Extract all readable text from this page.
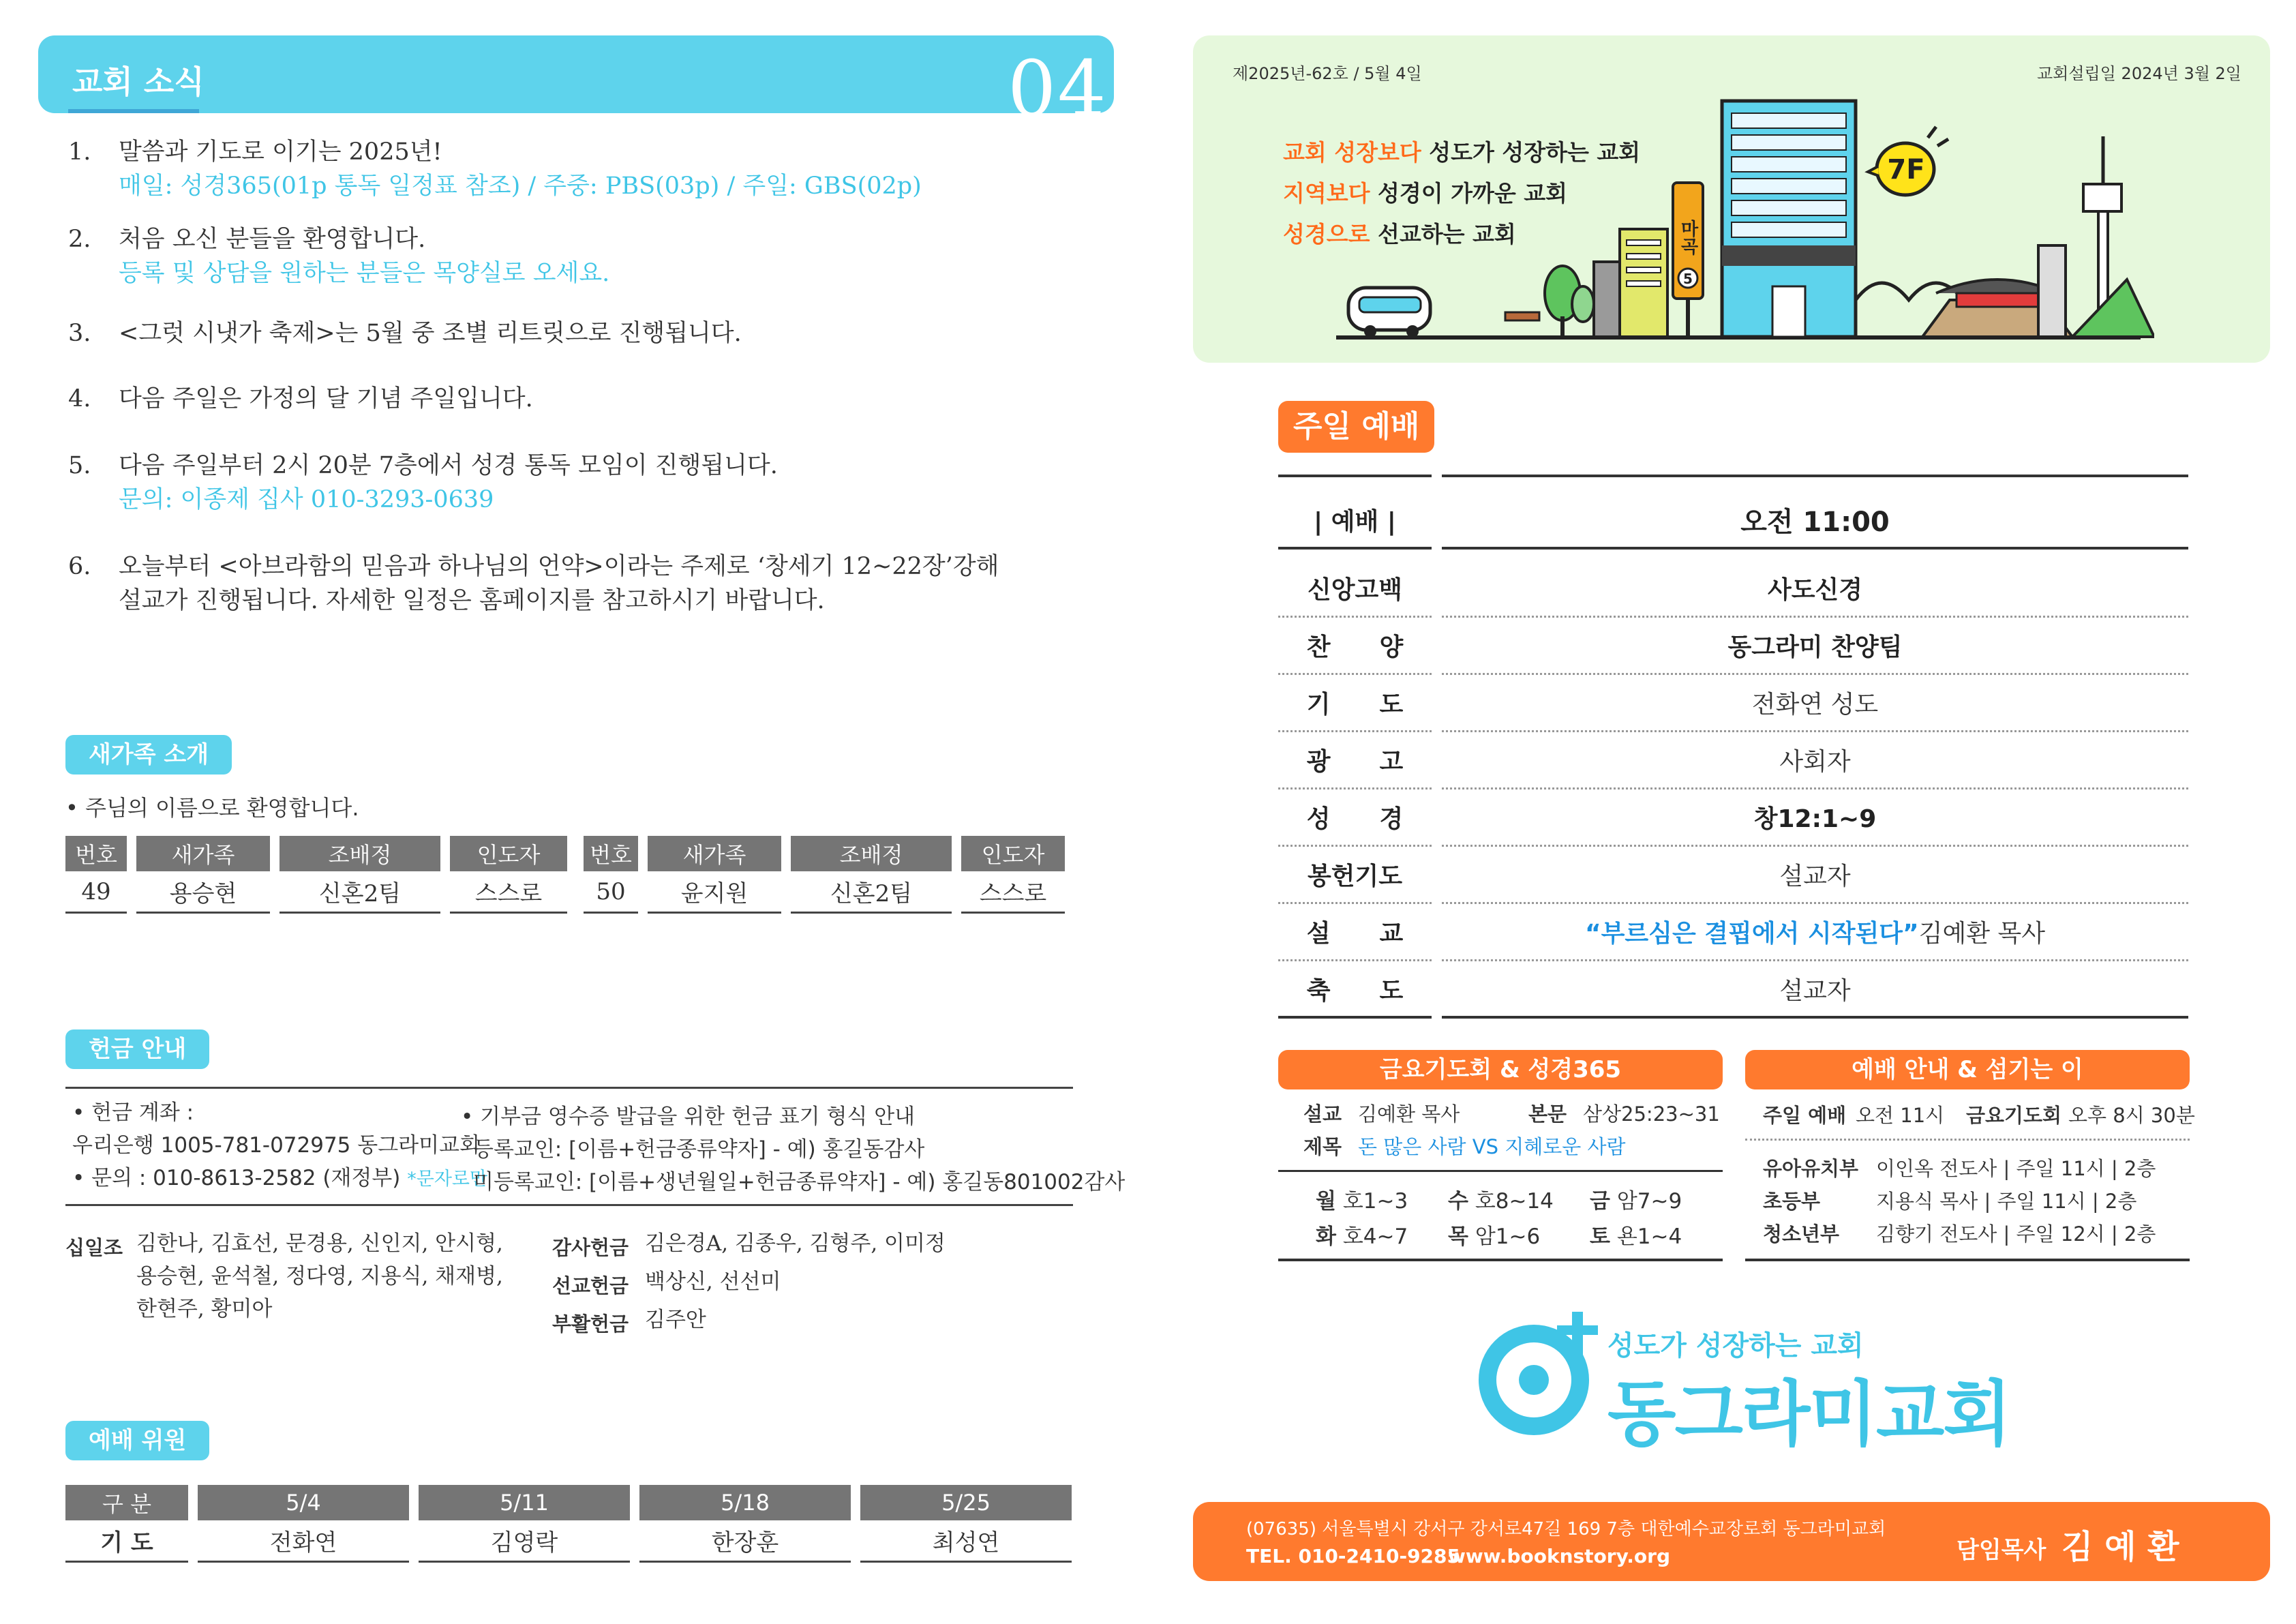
교회 소식	04
1.	말씀과 기도로 이기는 2025년!
매일: 성경365(01p 통독 일정표 참조) / 주중: PBS(03p) / 주일: GBS(02p)
2.	처음 오신 분들을 환영합니다.
등록 및 상담을 원하는 분들은 목양실로 오세요.
3.	<그럿 시냇가 축제>는 5월 중 조별 리트릿으로 진행됩니다.
4.	다음 주일은 가정의 달 기념 주일입니다.
5.	다음 주일부터 2시 20분 7층에서 성경 통독 모임이 진행됩니다.
문의: 이종제 집사 010-3293-0639
6.	오늘부터 <아브라함의 믿음과 하나님의 언약>이라는 주제로 ‘창세기 12~22장’강해
설교가 진행됩니다. 자세한 일정은 홈페이지를 참고하시기 바랍니다.
새가족 소개
• 주님의 이름으로 환영합니다.
번호	새가족	조배정	인도자
49	용승현	신혼2팀	스스로
번호	새가족	조배정	인도자
50	윤지원	신혼2팀	스스로
헌금 안내
• 헌금 계좌 :
우리은행 1005-781-072975 동그라미교회
• 문의 : 010-8613-2582 (재정부) *문자로만
• 기부금 영수증 발급을 위한 헌금 표기 형식 안내
등록교인: [이름+헌금종류약자] - 예) 홍길동감사
미등록교인: [이름+생년월일+헌금종류약자] - 예) 홍길동801002감사
십일조 김한나, 김효선, 문경용, 신인지, 안시형,
용승현, 윤석철, 정다영, 지용식, 채재병,
한현주, 황미아
감사헌금 김은경A, 김종우, 김형주, 이미정
선교헌금 백상신, 선선미
부활헌금 김주안
예배 위원
구 분	5/4	5/11	5/18	5/25
기 도	전화연	김영락	한장훈	최성연
제2025년-62호 / 5월 4일	교회설립일 2024년 3월 2일
교회 성장보다 성도가 성장하는 교회
지역보다 성경이 가까운 교회
성경으로 선교하는 교회	마곡
5
7F
주일 예배
| 예배 |	오전 11:00
신앙고백	사도신경
찬　　양	동그라미 찬양팀
기　　도	전화연 성도
광　　고	사회자
성　　경	창12:1~9
봉헌기도	설교자
설　　교	“부르심은 결핍에서 시작된다” 김예환 목사
축　　도	설교자
금요기도회 & 성경365
설교 김예환 목사	본문 삼상25:23~31
제목 돈 많은 사람 VS 지혜로운 사람
월 호1~3 수 호8~14 금 암7~9
화 호4~7 목 암1~6 토 욘1~4
예배 안내 & 섬기는 이
주일 예배 오전 11시 금요기도회 오후 8시 30분
유아유치부 이인옥 전도사 | 주일 11시 | 2층
초등부	지용식 목사 | 주일 11시 | 2층
청소년부 김향기 전도사 | 주일 12시 | 2층
성도가 성장하는 교회
동그라미교회
(07635) 서울특별시 강서구 강서로47길 169 7층 대한예수교장로회 동그라미교회
TEL. 010-2410-9285
www.booknstory.org	담임목사 김 예 환
